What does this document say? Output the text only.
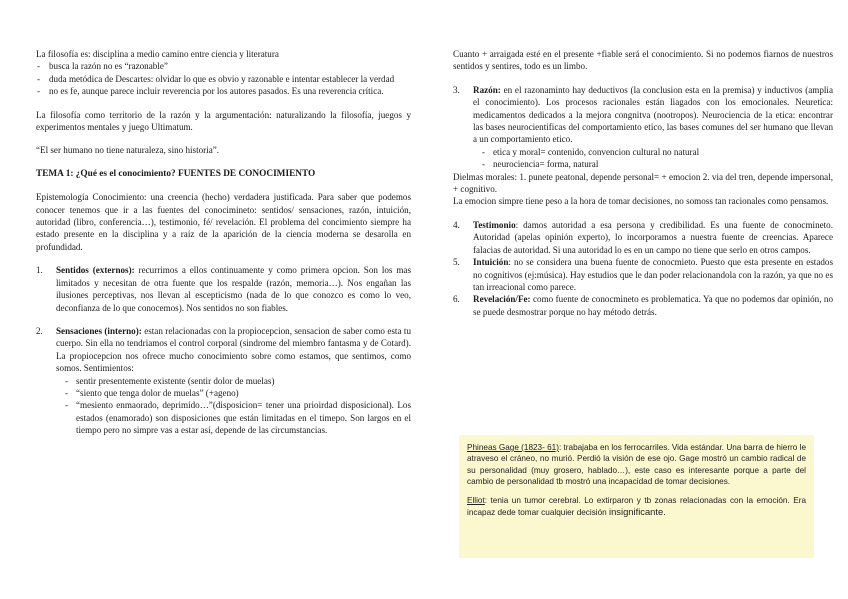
La filosofía es: disciplina a medio camino entre ciencia y literatura

- busca la razón no es “razonable”

- duda metódica de Descartes: olvidar lo que es obvio y razonable e intentar establecer la verdad

- no es fe, aunque parece incluir reverencia por los autores pasados. Es una reverencia crítica.

La filosofía como territorio de la razón y la argumentación: naturalizando la filosofía, juegos y experimentos mentales y juego Ultimatum.

“El ser humano no tiene naturaleza, sino historia”.

TEMA 1: ¿Qué es el conocimiento? FUENTES DE CONOCIMIENTO

Epistemología Conocimiento: una creencia (hecho) verdadera justificada. Para saber que podemos conocer tenemos que ir a las fuentes del conocimineto: sentidos/ sensaciones, razón, intuición, autoridad (libro, conferencia…), testimonio, fé/ revelación. El problema del concimiento siempre ha estado presente en la disciplina y a raíz de la aparición de la ciencia moderna se desarolla en profundidad.

1. Sentidos (externos): recurrimos a ellos continuamente y como primera opcion. Son los mas limitados y necesitan de otra fuente que los respalde (razón, memoria…). Nos engañan las ilusiones perceptivas, nos llevan al escepticismo (nada de lo que conozco es como lo veo, deconfianza de lo que conocemos). Nos sentidos no son fiables.

2. Sensaciones (interno): estan relacionadas con la propiocepcion, sensacion de saber como esta tu cuerpo. Sin ella no tendriamos el control corporal (sindrome del miembro fantasma y de Cotard). La propiocepcion nos ofrece mucho conocimiento sobre como estamos, que sentimos, como somos. Sentimientos:

- sentir presentemente existente (sentir dolor de muelas)

- “siento que tenga dolor de muelas” (+ageno)

- “mesiento enmaorado, deprimido…”(disposicion= tener una prioirdad disposicional). Los estados (enamorado) son disposiciones que están limitadas en el timepo. Son largos en el tiempo pero no simpre vas a estar así, depende de las circumstancias.

Cuanto + arraigada esté en el presente +fiable será el conocimiento. Si no podemos fiarnos de nuestros sentidos y sentires, todo es un limbo.

3. Razón: en el razonaminto hay deductivos (la conclusion esta en la premisa) y inductivos (amplia el conocimiento). Los procesos racionales están liagados con los emocionales. Neuretica: medicamentos dedicados a la mejora congnitva (nootropos). Neurociencia de la etica: encontrar las bases neurocientificas del comportamiento etico, las bases comunes del ser humano que llevan a un comportamiento etico.

- etica y moral= contenido, convencion cultural no natural

- neurociencia= forma, natural

Dielmas morales: 1. punete peatonal, depende personal= + emocion 2. via del tren, depende impersonal, + cognitivo.

La emocion simpre tiene peso a la hora de tomar decisiones, no somoss tan racionales como pensamos.

4. Testimonio: damos autoridad a esa persona y credibilidad. Es una fuente de conocmineto. Autoridad (apelas opinión experto), lo incorporamos a nuestra fuente de creencias. Aparece falacias de autoridad. Si una autoridad lo es en un campo no tiene que serlo en otros campos.

5. Intuición: no se considera una buena fuente de conocmieto. Puesto que esta presente en estados no cognitivos (ej:música). Hay estudios que le dan poder relacionandola con la razón, ya que no es tan irreacional como parece.

6. Revelación/Fe: como fuente de conocmineto es problematica. Ya que no podemos dar opinión, no se puede desmostrar porque no hay método detrás.

Phineas Gage (1823- 61): trabajaba en los ferrocarriles. Vida estándar. Una barra de hierro le atraveso el cráneo, no murió. Perdió la visión de ese ojo. Gage mostró un cambio radical de su personalidad (muy grosero, hablado…), este caso es interesante porque a parte del cambio de personalidad tb mostró una incapacidad de tomar decisiones.

Elliot: tenia un tumor cerebral. Lo extirparon y tb zonas relacionadas con la emoción. Era incapaz dede tomar cualquier decisión insignificante.
